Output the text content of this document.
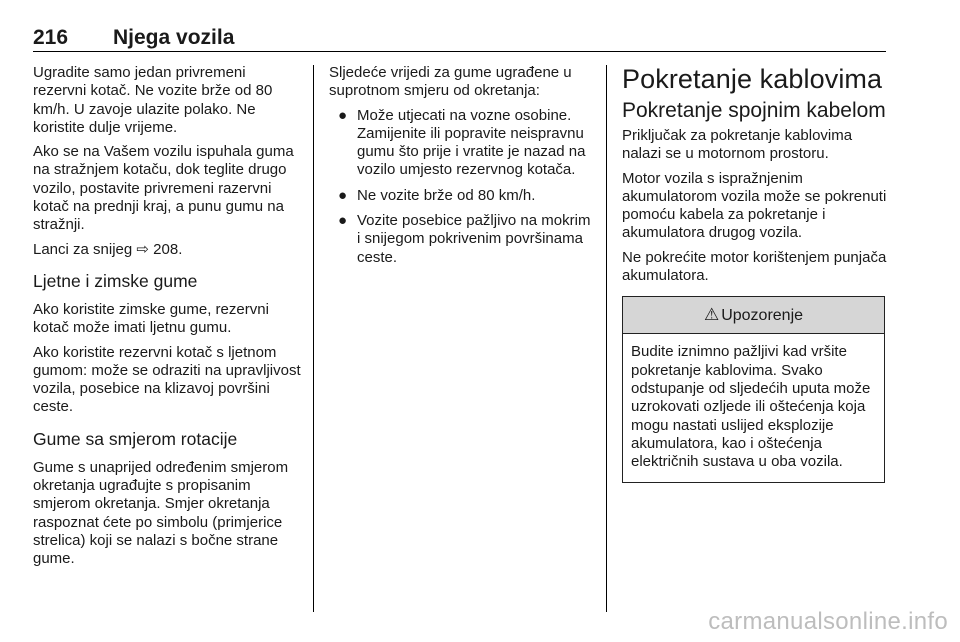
216 Njega vozila

Ugradite samo jedan privremeni rezervni kotač. Ne vozite brže od 80 km/h. U zavoje ulazite polako. Ne koristite dulje vrijeme.

Ako se na Vašem vozilu ispuhala guma na stražnjem kotaču, dok teglite drugo vozilo, postavite privremeni razervni kotač na prednji kraj, a punu gumu na stražnji.

Lanci za snijeg ⇨ 208.

Ljetne i zimske gume

Ako koristite zimske gume, rezervni kotač može imati ljetnu gumu.

Ako koristite rezervni kotač s ljetnom gumom: može se odraziti na upravljivost vozila, posebice na klizavoj površini ceste.

Gume sa smjerom rotacije

Gume s unaprijed određenim smjerom okretanja ugrađujte s propisanim smjerom okretanja. Smjer okretanja raspoznat ćete po simbolu (primjerice strelica) koji se nalazi s bočne strane gume.

Sljedeće vrijedi za gume ugrađene u suprotnom smjeru od okretanja:

● Može utjecati na vozne osobine. Zamijenite ili popravite neispravnu gumu što prije i vratite je nazad na vozilo umjesto rezervnog kotača.
● Ne vozite brže od 80 km/h.
● Vozite posebice pažljivo na mokrim i snijegom pokrivenim površinama ceste.
Pokretanje kablovima
Pokretanje spojnim kabelom

Priključak za pokretanje kablovima nalazi se u motornom prostoru.

Motor vozila s ispražnjenim akumulatorom vozila može se pokrenuti pomoću kabela za pokretanje i akumulatora drugog vozila.

Ne pokrećite motor korištenjem punjača akumulatora.

⚠ Upozorenje
Budite iznimno pažljivi kad vršite pokretanje kablovima. Svako odstupanje od sljedećih uputa može uzrokovati ozljede ili oštećenja koja mogu nastati uslijed eksplozije akumulatora, kao i oštećenja električnih sustava u oba vozila.
carmanualsonline.info
